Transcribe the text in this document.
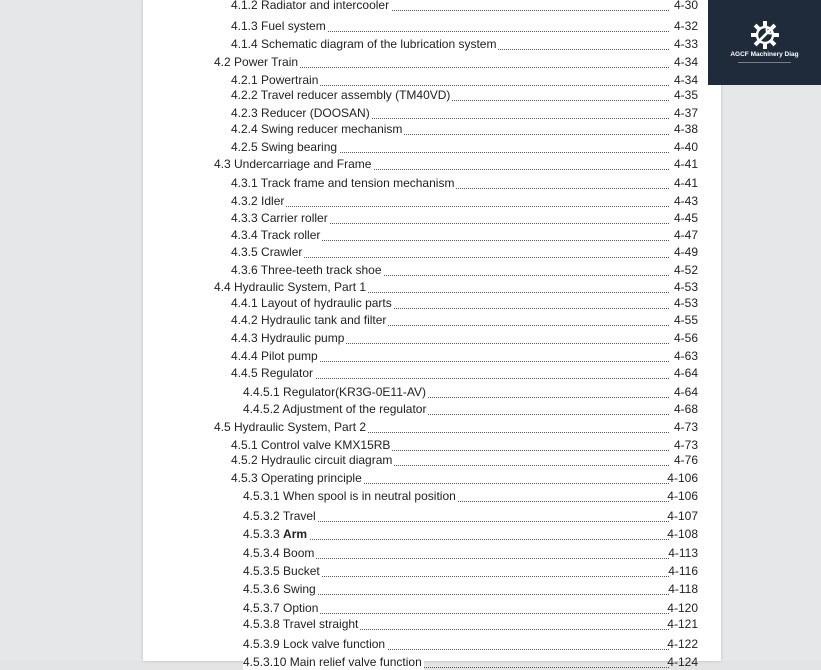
4.1.2 Radiator and intercooler	4-30
4.1.3 Fuel system	4-32
4.1.4 Schematic diagram of the lubrication system	4-33
4.2 Power Train	4-34
4.2.1 Powertrain	4-34
4.2.2 Travel reducer assembly (TM40VD)	4-35
4.2.3 Reducer (DOOSAN)	4-37
4.2.4 Swing reducer mechanism	4-38
4.2.5 Swing bearing	4-40
4.3 Undercarriage and Frame	4-41
4.3.1 Track frame and tension mechanism	4-41
4.3.2 Idler	4-43
4.3.3 Carrier roller	4-45
4.3.4 Track roller	4-47
4.3.5 Crawler	4-49
4.3.6 Three-teeth track shoe	4-52
4.4 Hydraulic System, Part 1	4-53
4.4.1 Layout of hydraulic parts	4-53
4.4.2 Hydraulic tank and filter	4-55
4.4.3 Hydraulic pump	4-56
4.4.4 Pilot pump	4-63
4.4.5 Regulator	4-64
4.4.5.1 Regulator(KR3G-0E11-AV)	4-64
4.4.5.2 Adjustment of the regulator	4-68
4.5 Hydraulic System, Part 2	4-73
4.5.1 Control valve KMX15RB	4-73
4.5.2 Hydraulic circuit diagram	4-76
4.5.3 Operating principle	4-106
4.5.3.1 When spool is in neutral position	4-106
4.5.3.2 Travel	4-107
4.5.3.3 Arm	4-108
4.5.3.4 Boom	4-113
4.5.3.5 Bucket	4-116
4.5.3.6 Swing	4-118
4.5.3.7 Option	4-120
4.5.3.8 Travel straight	4-121
4.5.3.9 Lock valve function	4-122
4.5.3.10 Main relief valve function	4-124
AGCF Machinery Diag
